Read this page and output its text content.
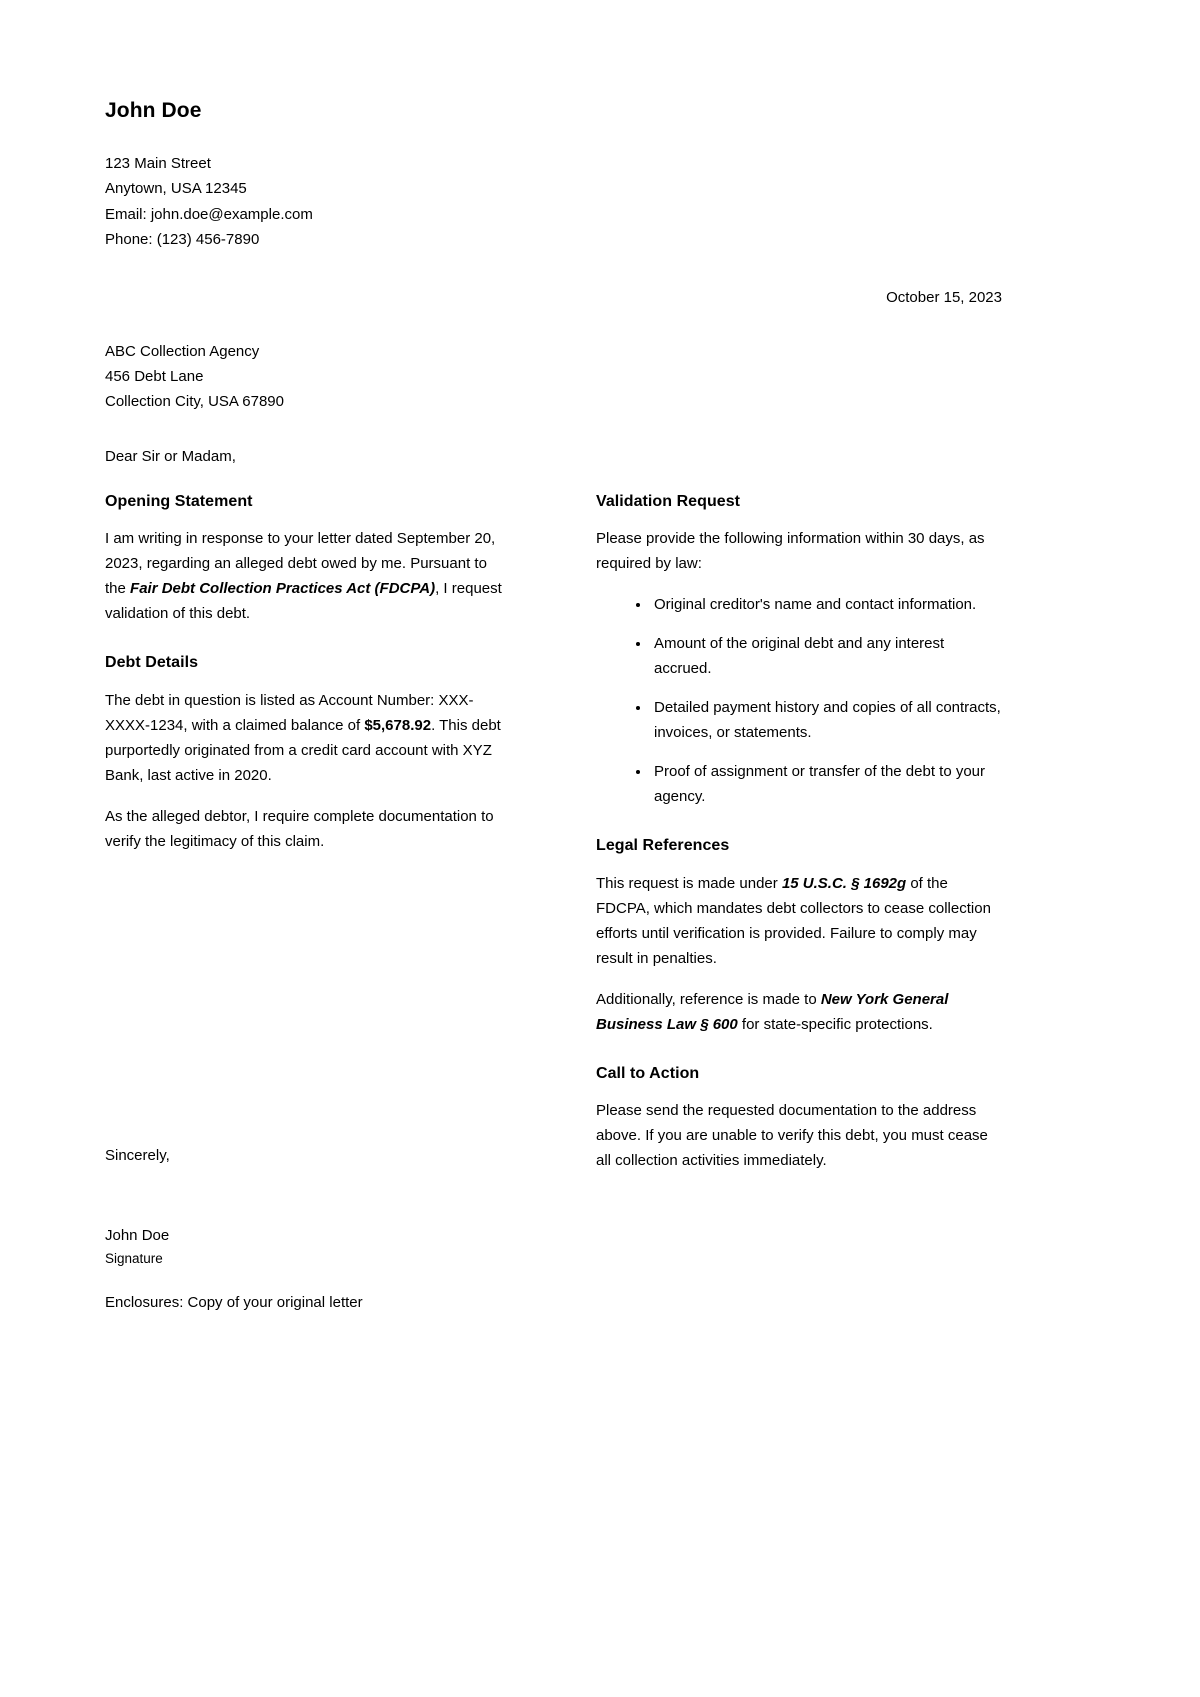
John Doe
123 Main Street
Anytown, USA 12345
Email: john.doe@example.com
Phone: (123) 456-7890
October 15, 2023
ABC Collection Agency
456 Debt Lane
Collection City, USA 67890
Dear Sir or Madam,
Opening Statement

I am writing in response to your letter dated September 20, 2023, regarding an alleged debt owed by me. Pursuant to the Fair Debt Collection Practices Act (FDCPA), I request validation of this debt.

Debt Details

The debt in question is listed as Account Number: XXX-XXXX-1234, with a claimed balance of $5,678.92. This debt purportedly originated from a credit card account with XYZ Bank, last active in 2020.

As the alleged debtor, I require complete documentation to verify the legitimacy of this claim.

Validation Request

Please provide the following information within 30 days, as required by law:

Original creditor's name and contact information.
Amount of the original debt and any interest accrued.
Detailed payment history and copies of all contracts, invoices, or statements.
Proof of assignment or transfer of the debt to your agency.
Legal References

This request is made under 15 U.S.C. § 1692g of the FDCPA, which mandates debt collectors to cease collection efforts until verification is provided. Failure to comply may result in penalties.

Additionally, reference is made to New York General Business Law § 600 for state-specific protections.

Call to Action

Please send the requested documentation to the address above. If you are unable to verify this debt, you must cease all collection activities immediately.

Sincerely,
John Doe
Signature
Enclosures: Copy of your original letter
